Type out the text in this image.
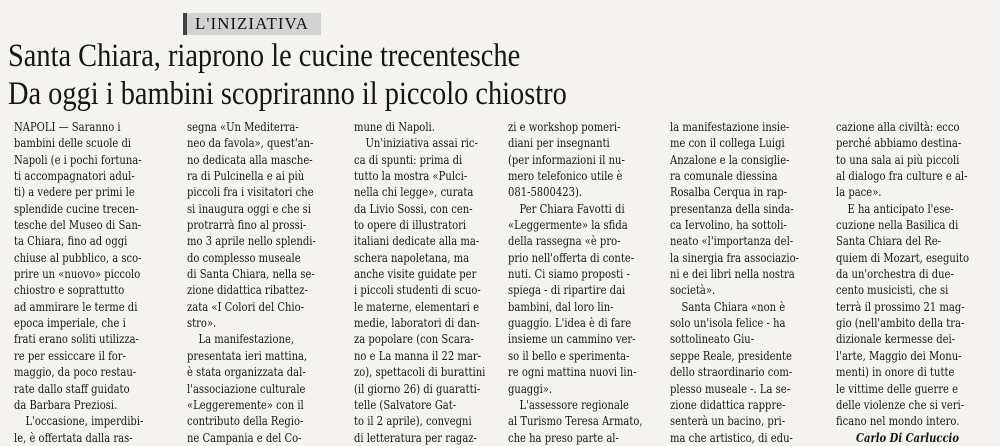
L'INIZIATIVA
Santa Chiara, riaprono le cucine trecentesche
Da oggi i bambini scopriranno il piccolo chiostro
NAPOLI — Saranno i
bambini delle scuole di
Napoli (e i pochi fortuna-
ti accompagnatori adul-
ti) a vedere per primi le
splendide cucine trecen-
tesche del Museo di San-
ta Chiara, fino ad oggi
chiuse al pubblico, a sco-
prire un «nuovo» piccolo
chiostro e soprattutto
ad ammirare le terme di
epoca imperiale, che i
frati erano soliti utilizza-
re per essiccare il for-
maggio, da poco restau-
rate dallo staff guidato
da Barbara Preziosi.
L'occasione, imperdibi-
le, è offertata dalla ras-
segna «Un Mediterra-
neo da favola», quest'an-
no dedicata alla masche-
ra di Pulcinella e ai più
piccoli fra i visitatori che
si inaugura oggi e che si
protrarrà fino al prossi-
mo 3 aprile nello splendi-
do complesso museale
di Santa Chiara, nella se-
zione didattica ribattez-
zata «I Colori del Chio-
stro».
La manifestazione,
presentata ieri mattina,
è stata organizzata dal-
l'associazione culturale
«Leggeremente» con il
contributo della Regio-
ne Campania e del Co-
mune di Napoli.
Un'iniziativa assai ric-
ca di spunti: prima di
tutto la mostra «Pulci-
nella chi legge», curata
da Livio Sossi, con cen-
to opere di illustratori
italiani dedicate alla ma-
schera napoletana, ma
anche visite guidate per
i piccoli studenti di scuo-
le materne, elementari e
medie, laboratori di dan-
za popolare (con Scara-
no e La manna il 22 mar-
zo), spettacoli di burattini
(il giorno 26) di guaratti-
telle (Salvatore Gat-
to il 2 aprile), convegni
di letteratura per ragaz-
zi e workshop pomeri-
diani per insegnanti
(per informazioni il nu-
mero telefonico utile è
081-5800423).
Per Chiara Favotti di
«Leggermente» la sfida
della rassegna «è pro-
prio nell'offerta di conte-
nuti. Ci siamo proposti -
spiega - di ripartire dai
bambini, dal loro lin-
guaggio. L'idea è di fare
insieme un cammino ver-
so il bello e sperimenta-
re ogni mattina nuovi lin-
guaggi».
L'assessore regionale
al Turismo Teresa Armato,
che ha preso parte al-
la manifestazione insie-
me con il collega Luigi
Anzalone e la consiglie-
ra comunale diessina
Rosalba Cerqua in rap-
presentanza della sinda-
ca Iervolino, ha sottoli-
neato «l'importanza del-
la sinergia fra associazio-
ni e dei libri nella nostra
società».
Santa Chiara «non è
solo un'isola felice - ha
sottolineato Giu-
seppe Reale, presidente
dello straordinario com-
plesso museale -. La se-
zione didattica rappre-
senterà un bacino, pri-
ma che artistico, di edu-
cazione alla civiltà: ecco
perché abbiamo destina-
to una sala ai più piccoli
al dialogo fra culture e al-
la pace».
E ha anticipato l'ese-
cuzione nella Basilica di
Santa Chiara del Re-
quiem di Mozart, eseguito
da un'orchestra di due-
cento musicisti, che si
terrà il prossimo 21 mag-
gio (nell'ambito della tra-
dizionale kermesse dei-
l'arte, Maggio dei Monu-
menti) in onore di tutte
le vittime delle guerre e
delle violenze che si veri-
ficano nel mondo intero.
Carlo Di Carluccio
